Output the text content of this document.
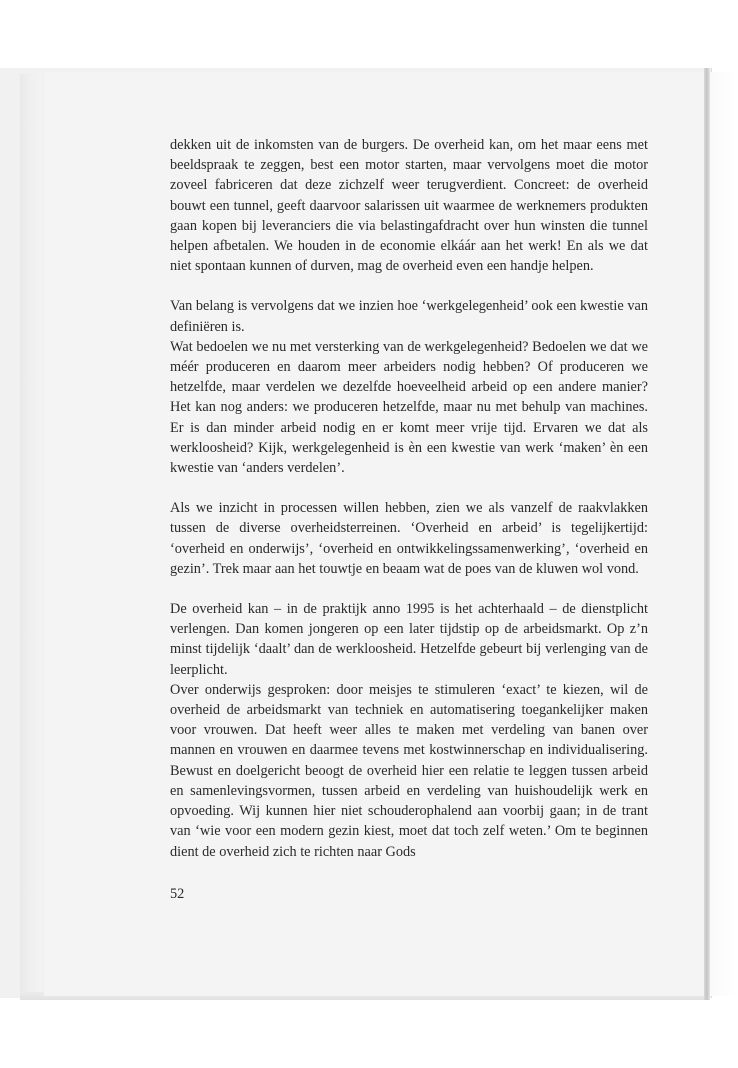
dekken uit de inkomsten van de burgers. De overheid kan, om het maar eens met beeldspraak te zeggen, best een motor starten, maar vervolgens moet die motor zoveel fabriceren dat deze zichzelf weer terugverdient. Concreet: de overheid bouwt een tunnel, geeft daarvoor salarissen uit waarmee de werknemers produkten gaan kopen bij leveranciers die via belastingafdracht over hun winsten die tunnel helpen afbetalen. We houden in de economie elkáár aan het werk! En als we dat niet spontaan kunnen of durven, mag de overheid even een handje helpen.

Van belang is vervolgens dat we inzien hoe ‘werkgelegenheid’ ook een kwestie van definiëren is.

Wat bedoelen we nu met versterking van de werkgelegenheid? Bedoelen we dat we méér produceren en daarom meer arbeiders nodig hebben? Of produceren we hetzelfde, maar verdelen we dezelfde hoeveelheid arbeid op een andere manier? Het kan nog anders: we produceren hetzelfde, maar nu met behulp van machines. Er is dan minder arbeid nodig en er komt meer vrije tijd. Ervaren we dat als werkloosheid? Kijk, werkgelegenheid is èn een kwestie van werk ‘maken’ èn een kwestie van ‘anders verdelen’.

Als we inzicht in processen willen hebben, zien we als vanzelf de raakvlakken tussen de diverse overheidsterreinen. ‘Overheid en arbeid’ is tegelijkertijd: ‘overheid en onderwijs’, ‘overheid en ontwikkelingssamenwerking’, ‘overheid en gezin’. Trek maar aan het touwtje en beaam wat de poes van de kluwen wol vond.

De overheid kan – in de praktijk anno 1995 is het achterhaald – de dienstplicht verlengen. Dan komen jongeren op een later tijdstip op de arbeidsmarkt. Op z’n minst tijdelijk ‘daalt’ dan de werkloosheid. Hetzelfde gebeurt bij verlenging van de leerplicht.

Over onderwijs gesproken: door meisjes te stimuleren ‘exact’ te kiezen, wil de overheid de arbeidsmarkt van techniek en automatisering toegankelijker maken voor vrouwen. Dat heeft weer alles te maken met verdeling van banen over mannen en vrouwen en daarmee tevens met kostwinnerschap en individualisering. Bewust en doelgericht beoogt de overheid hier een relatie te leggen tussen arbeid en samenlevingsvormen, tussen arbeid en verdeling van huishoudelijk werk en opvoeding. Wij kunnen hier niet schouderophalend aan voorbij gaan; in de trant van ‘wie voor een modern gezin kiest, moet dat toch zelf weten.’ Om te beginnen dient de overheid zich te richten naar Gods

52
